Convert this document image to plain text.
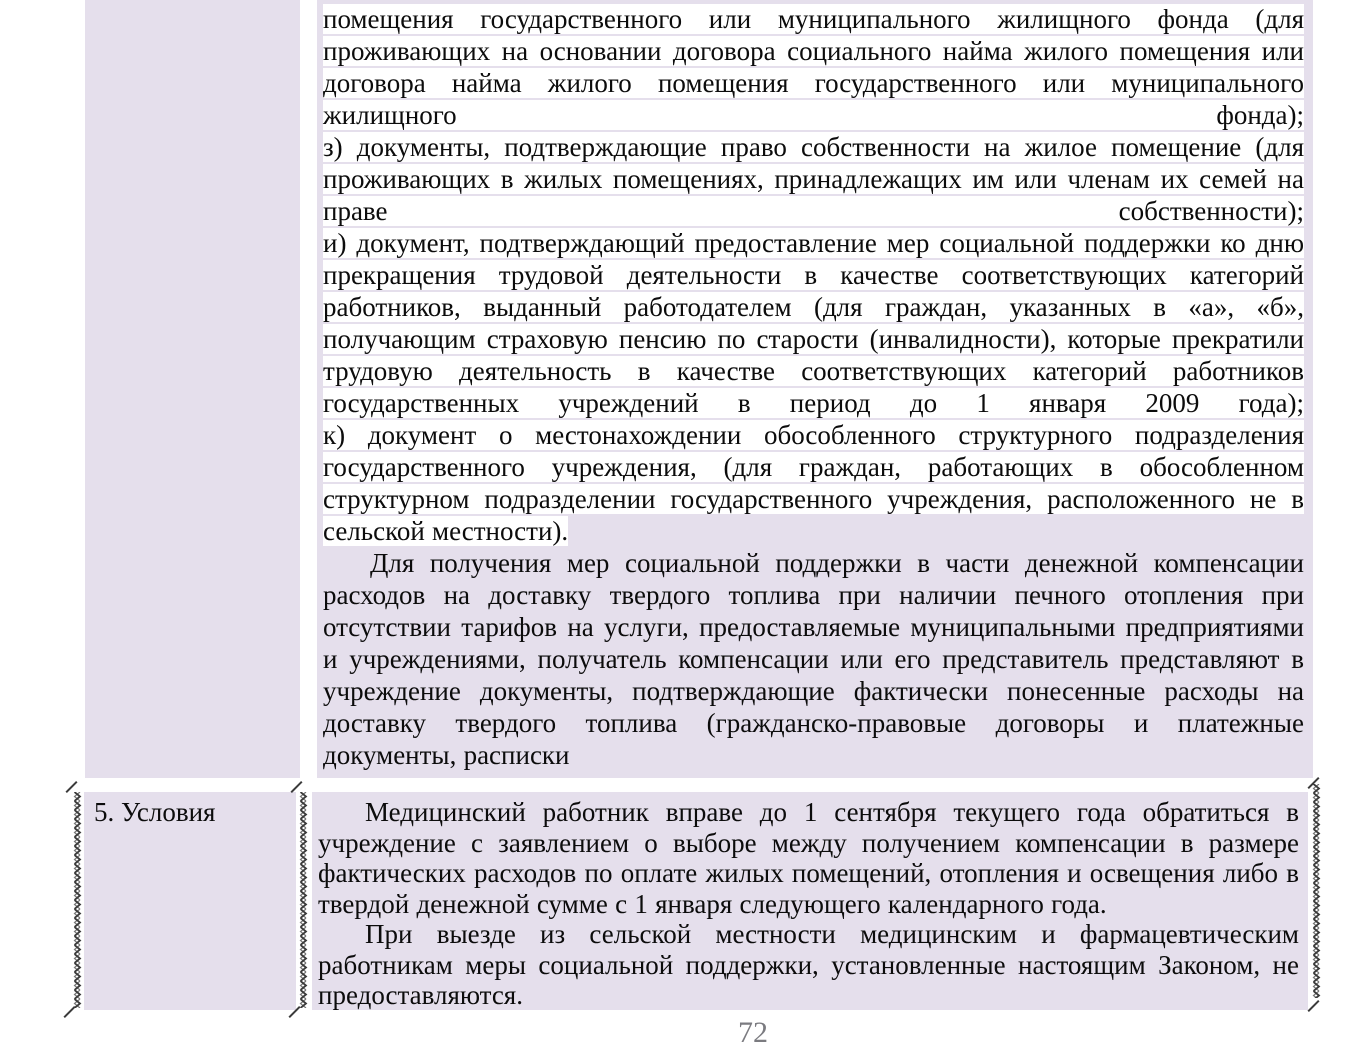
помещения государственного или муниципального жилищного фонда (для проживающих на основании договора социального найма жилого помещения или договора найма жилого помещения государственного или муниципального жилищного фонда);

з) документы, подтверждающие право собственности на жилое помещение (для проживающих в жилых помещениях, принадлежащих им или членам их семей на праве собственности);

и) документ, подтверждающий предоставление мер социальной поддержки ко дню прекращения трудовой деятельности в качестве соответствующих категорий работников, выданный работодателем (для граждан, указанных в «а», «б», получающим страховую пенсию по старости (инвалидности), которые прекратили трудовую деятельность в качестве соответствующих категорий работников государственных учреждений в период до 1 января 2009 года);

к) документ о местонахождении обособленного структурного подразделения государственного учреждения, (для граждан, работающих в обособленном структурном подразделении государственного учреждения, расположенного не в сельской местности).

Для получения мер социальной поддержки в части денежной компенсации расходов на доставку твердого топлива при наличии печного отопления при отсутствии тарифов на услуги, предоставляемые муниципальными предприятиями и учреждениями, получатель компенсации или его представитель представляют в учреждение документы, подтверждающие фактически понесенные расходы на доставку твердого топлива (гражданско-правовые договоры и платежные документы, расписки

5. Условия	Медицинский работник вправе до 1 сентября текущего года обратиться в учреждение с заявлением о выборе между получением компенсации в размере фактических расходов по оплате жилых помещений, отопления и освещения либо в твердой денежной сумме с 1 января следующего календарного года.

При выезде из сельской местности медицинским и фармацевтическим работникам меры социальной поддержки, установленные настоящим Законом, не предоставляются.

72
